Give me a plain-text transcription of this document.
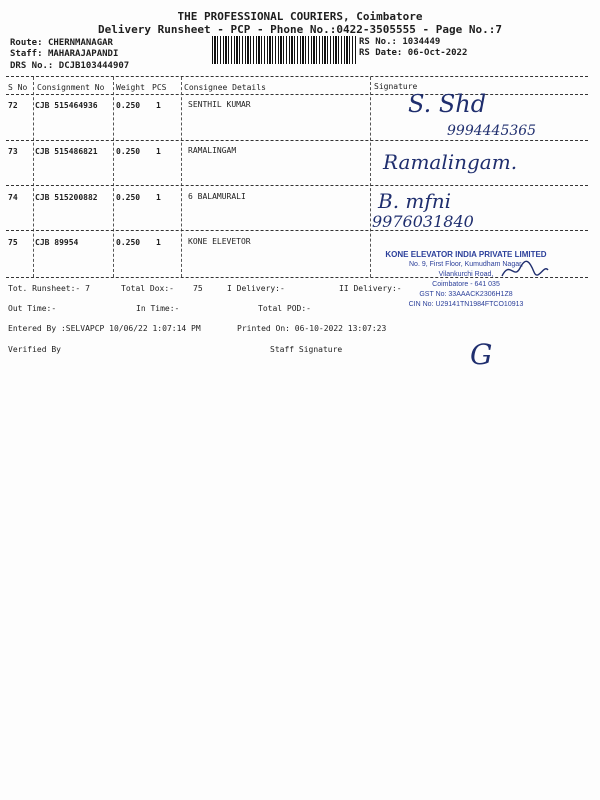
THE PROFESSIONAL COURIERS, Coimbatore
Delivery Runsheet - PCP - Phone No.:0422-3505555 - Page No.:7
Route: CHERNMANAGAR
Staff: MAHARAJAPANDI
DRS No.: DCJB103444907
RS No.: 1034449
RS Date: 06-Oct-2022
S No Consignment No Weight PCS Consignee Details	Signature
72 CJB 515464936 0.250 1	SENTHIL KUMAR	S. Shd
9994445365
73 CJB 515486821 0.250 1	RAMALINGAM	Ramalingam.
74 CJB 515200882 0.250 1	6 BALAMURALI	B. mfni
9976031840
75 CJB 89954	0.250 1	KONE ELEVETOR
KONE ELEVATOR INDIA PRIVATE LIMITED
No. 9, First Floor, Kumudham Nagar,
Vilankurchi Road,
Coimbatore - 641 035
GST No: 33AAACK2306H1Z8
CIN No: U29141TN1984FTCO10913
Tot. Runsheet:- 7	Total Dox:- 75	I Delivery:-	II Delivery:-
Out Time:-	In Time:-	Total POD:-
Entered By :SELVAPCP 10/06/22 1:07:14 PM	Printed On: 06-10-2022 13:07:23
Verified By	Staff Signature	G
